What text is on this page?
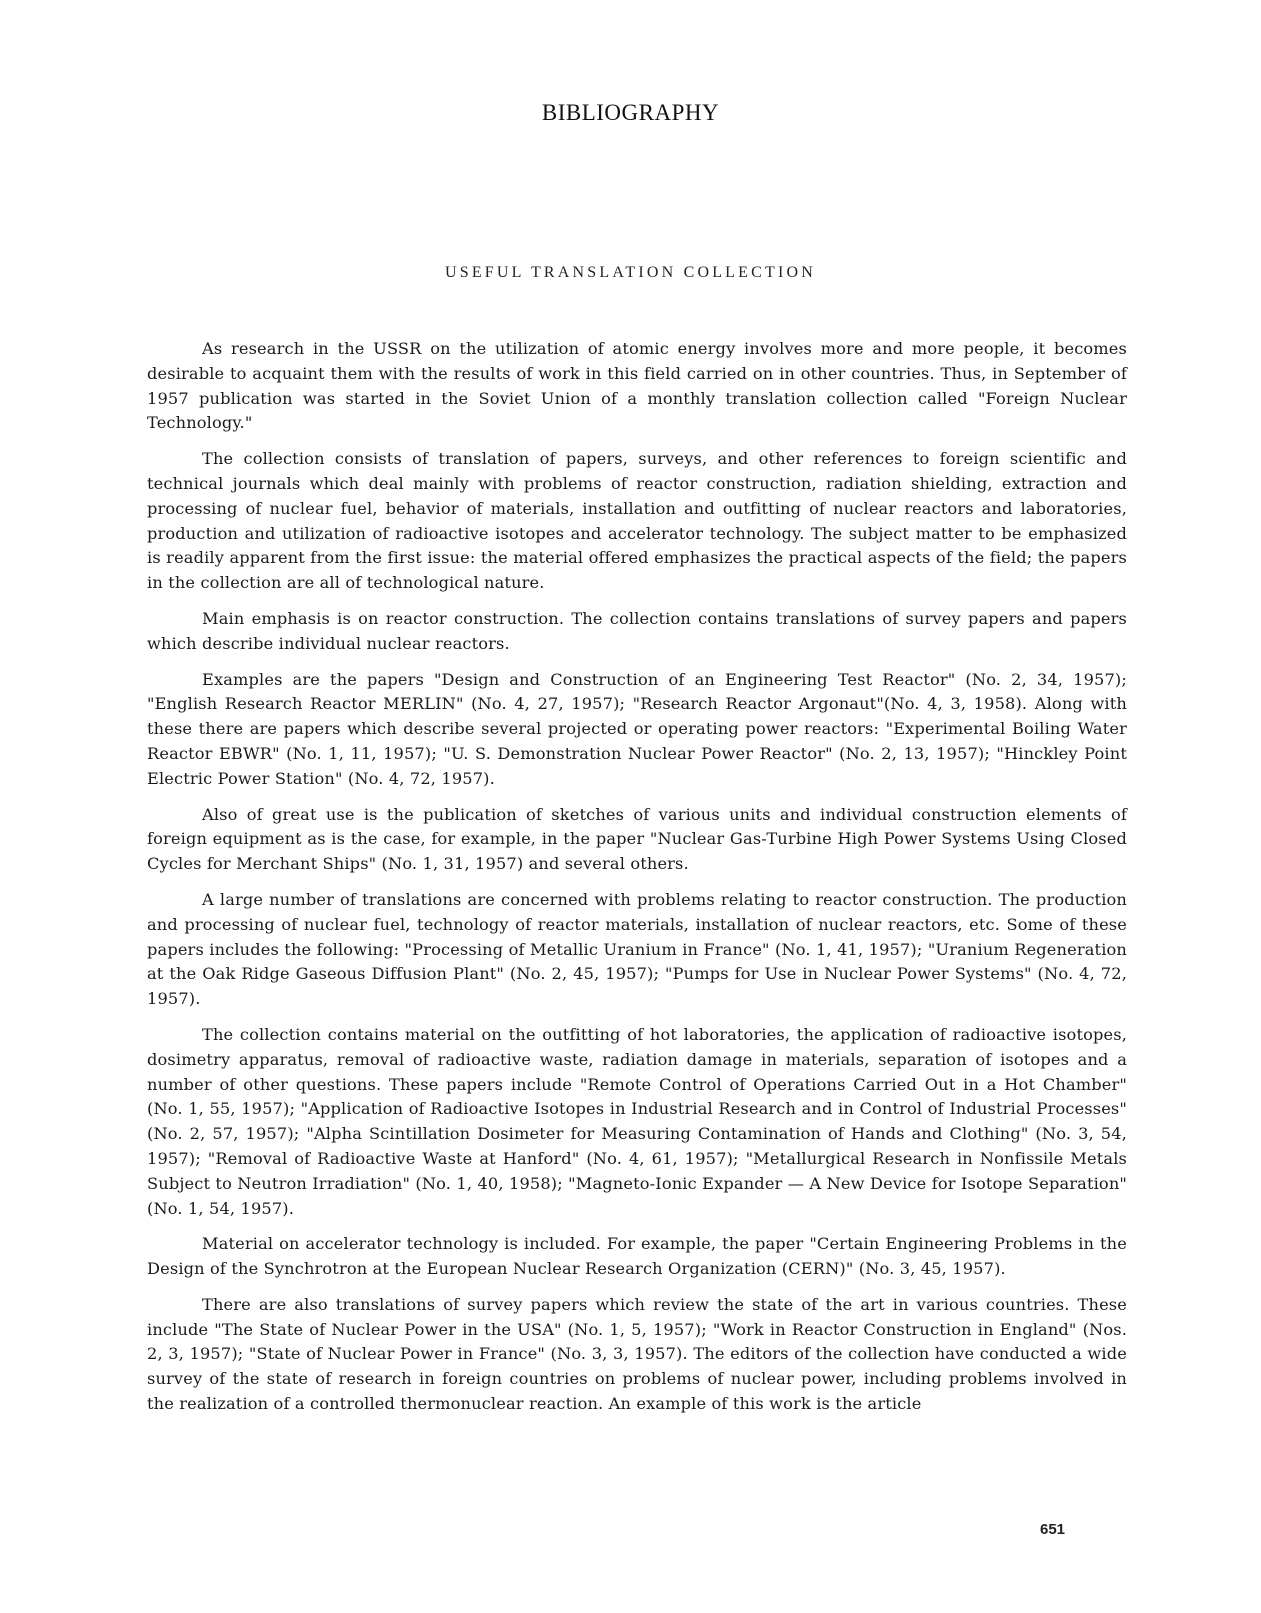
BIBLIOGRAPHY
USEFUL TRANSLATION COLLECTION

As research in the USSR on the utilization of atomic energy involves more and more people, it becomes desirable to acquaint them with the results of work in this field carried on in other countries. Thus, in September of 1957 publication was started in the Soviet Union of a monthly translation collection called "Foreign Nuclear Technology."

The collection consists of translation of papers, surveys, and other references to foreign scientific and technical journals which deal mainly with problems of reactor construction, radiation shielding, extraction and processing of nuclear fuel, behavior of materials, installation and outfitting of nuclear reactors and laboratories, production and utilization of radioactive isotopes and accelerator technology. The subject matter to be emphasized is readily apparent from the first issue: the material offered emphasizes the practical aspects of the field; the papers in the collection are all of technological nature.

Main emphasis is on reactor construction. The collection contains translations of survey papers and papers which describe individual nuclear reactors.

Examples are the papers "Design and Construction of an Engineering Test Reactor" (No. 2, 34, 1957); "English Research Reactor MERLIN" (No. 4, 27, 1957); "Research Reactor Argonaut"(No. 4, 3, 1958). Along with these there are papers which describe several projected or operating power reactors: "Experimental Boiling Water Reactor EBWR" (No. 1, 11, 1957); "U. S. Demonstration Nuclear Power Reactor" (No. 2, 13, 1957); "Hinckley Point Electric Power Station" (No. 4, 72, 1957).

Also of great use is the publication of sketches of various units and individual construction elements of foreign equipment as is the case, for example, in the paper "Nuclear Gas-Turbine High Power Systems Using Closed Cycles for Merchant Ships" (No. 1, 31, 1957) and several others.

A large number of translations are concerned with problems relating to reactor construction. The production and processing of nuclear fuel, technology of reactor materials, installation of nuclear reactors, etc. Some of these papers includes the following: "Processing of Metallic Uranium in France" (No. 1, 41, 1957); "Uranium Regeneration at the Oak Ridge Gaseous Diffusion Plant" (No. 2, 45, 1957); "Pumps for Use in Nuclear Power Systems" (No. 4, 72, 1957).

The collection contains material on the outfitting of hot laboratories, the application of radioactive isotopes, dosimetry apparatus, removal of radioactive waste, radiation damage in materials, separation of isotopes and a number of other questions. These papers include "Remote Control of Operations Carried Out in a Hot Chamber" (No. 1, 55, 1957); "Application of Radioactive Isotopes in Industrial Research and in Control of Industrial Processes" (No. 2, 57, 1957); "Alpha Scintillation Dosimeter for Measuring Contamination of Hands and Clothing" (No. 3, 54, 1957); "Removal of Radioactive Waste at Hanford" (No. 4, 61, 1957); "Metallurgical Research in Nonfissile Metals Subject to Neutron Irradiation" (No. 1, 40, 1958); "Magneto-Ionic Expander — A New Device for Isotope Separation" (No. 1, 54, 1957).

Material on accelerator technology is included. For example, the paper "Certain Engineering Problems in the Design of the Synchrotron at the European Nuclear Research Organization (CERN)" (No. 3, 45, 1957).

There are also translations of survey papers which review the state of the art in various countries. These include "The State of Nuclear Power in the USA" (No. 1, 5, 1957); "Work in Reactor Construction in England" (Nos. 2, 3, 1957); "State of Nuclear Power in France" (No. 3, 3, 1957). The editors of the collection have conducted a wide survey of the state of research in foreign countries on problems of nuclear power, including problems involved in the realization of a controlled thermonuclear reaction. An example of this work is the article

651
